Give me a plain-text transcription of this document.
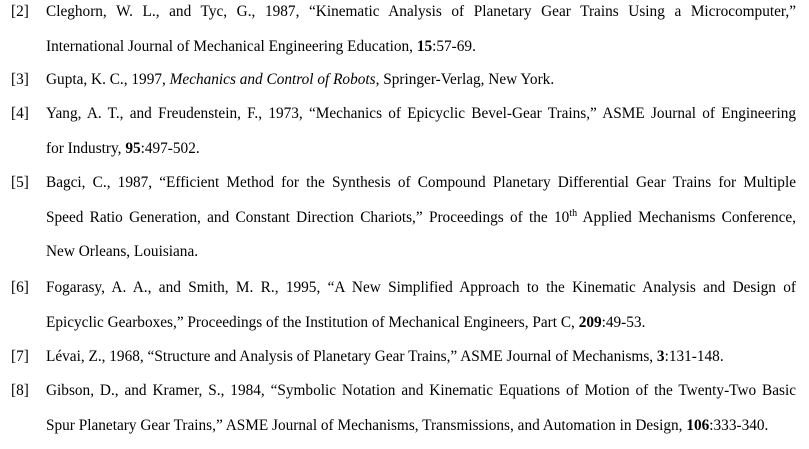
[2] Cleghorn, W. L., and Tyc, G., 1987, “Kinematic Analysis of Planetary Gear Trains Using a Microcomputer,”
International Journal of Mechanical Engineering Education, 15:57-69.
[3] Gupta, K. C., 1997, Mechanics and Control of Robots, Springer-Verlag, New York.
[4] Yang, A. T., and Freudenstein, F., 1973, “Mechanics of Epicyclic Bevel-Gear Trains,” ASME Journal of Engineering
for Industry, 95:497-502.
[5] Bagci, C., 1987, “Efficient Method for the Synthesis of Compound Planetary Differential Gear Trains for Multiple
Speed Ratio Generation, and Constant Direction Chariots,” Proceedings of the 10th Applied Mechanisms Conference,
New Orleans, Louisiana.
[6] Fogarasy, A. A., and Smith, M. R., 1995, “A New Simplified Approach to the Kinematic Analysis and Design of
Epicyclic Gearboxes,” Proceedings of the Institution of Mechanical Engineers, Part C, 209:49-53.
[7] Lévai, Z., 1968, “Structure and Analysis of Planetary Gear Trains,” ASME Journal of Mechanisms, 3:131-148.
[8] Gibson, D., and Kramer, S., 1984, “Symbolic Notation and Kinematic Equations of Motion of the Twenty-Two Basic
Spur Planetary Gear Trains,” ASME Journal of Mechanisms, Transmissions, and Automation in Design, 106:333-340.
